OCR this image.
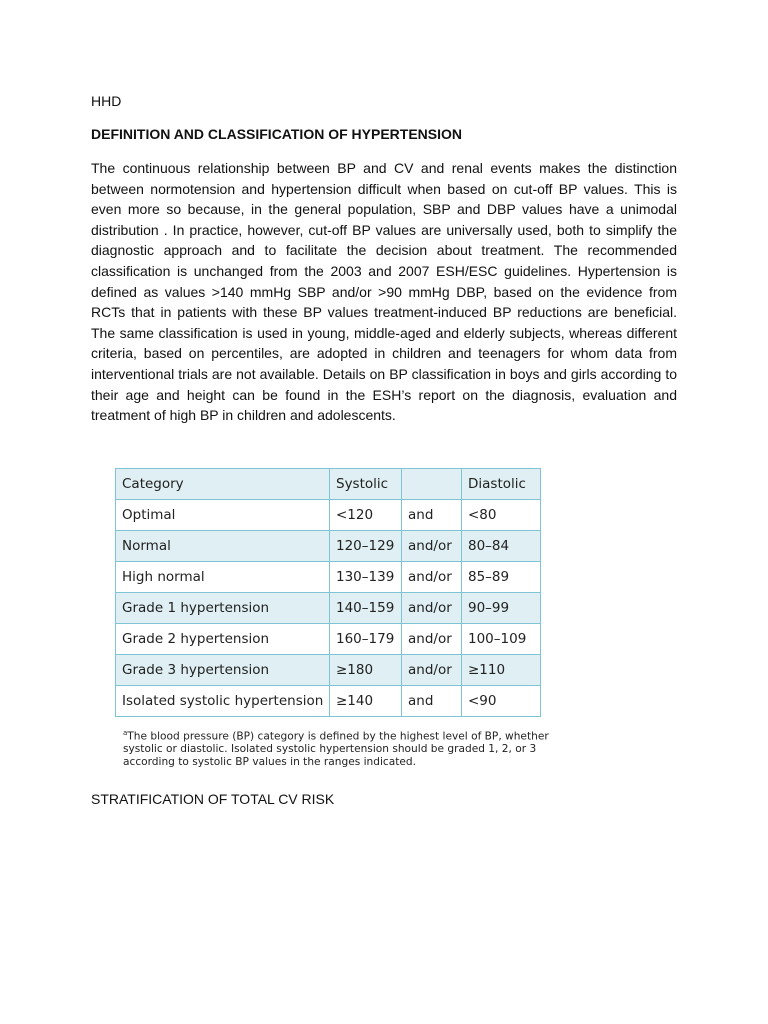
HHD
DEFINITION AND CLASSIFICATION OF HYPERTENSION

The continuous relationship between BP and CV and renal events makes the distinction between normotension and hypertension difficult when based on cut-off BP values. This is even more so because, in the general population, SBP and DBP values have a unimodal distribution . In practice, however, cut-off BP values are universally used, both to simplify the diagnostic approach and to facilitate the decision about treatment. The recommended classification is unchanged from the 2003 and 2007 ESH/ESC guidelines. Hypertension is defined as values >140 mmHg SBP and/or >90 mmHg DBP, based on the evidence from RCTs that in patients with these BP values treatment-induced BP reductions are beneficial. The same classification is used in young, middle-aged and elderly subjects, whereas different criteria, based on percentiles, are adopted in children and teenagers for whom data from interventional trials are not available. Details on BP classification in boys and girls according to their age and height can be found in the ESH’s report on the diagnosis, evaluation and treatment of high BP in children and adolescents.

STRATIFICATION OF TOTAL CV RISK
Category	Systolic		Diastolic
Optimal	<120	and	<80
Normal	120–129	and/or	80–84
High normal	130–139	and/or	85–89
Grade 1 hypertension	140–159	and/or	90–99
Grade 2 hypertension	160–179	and/or	100–109
Grade 3 hypertension	≥180	and/or	≥110
Isolated systolic hypertension	≥140	and	<90
$^a$The blood pressure (BP) category is defined by the highest level of BP, whether systolic or diastolic. Isolated systolic hypertension should be graded 1, 2, or 3 according to systolic BP values in the ranges indicated.
